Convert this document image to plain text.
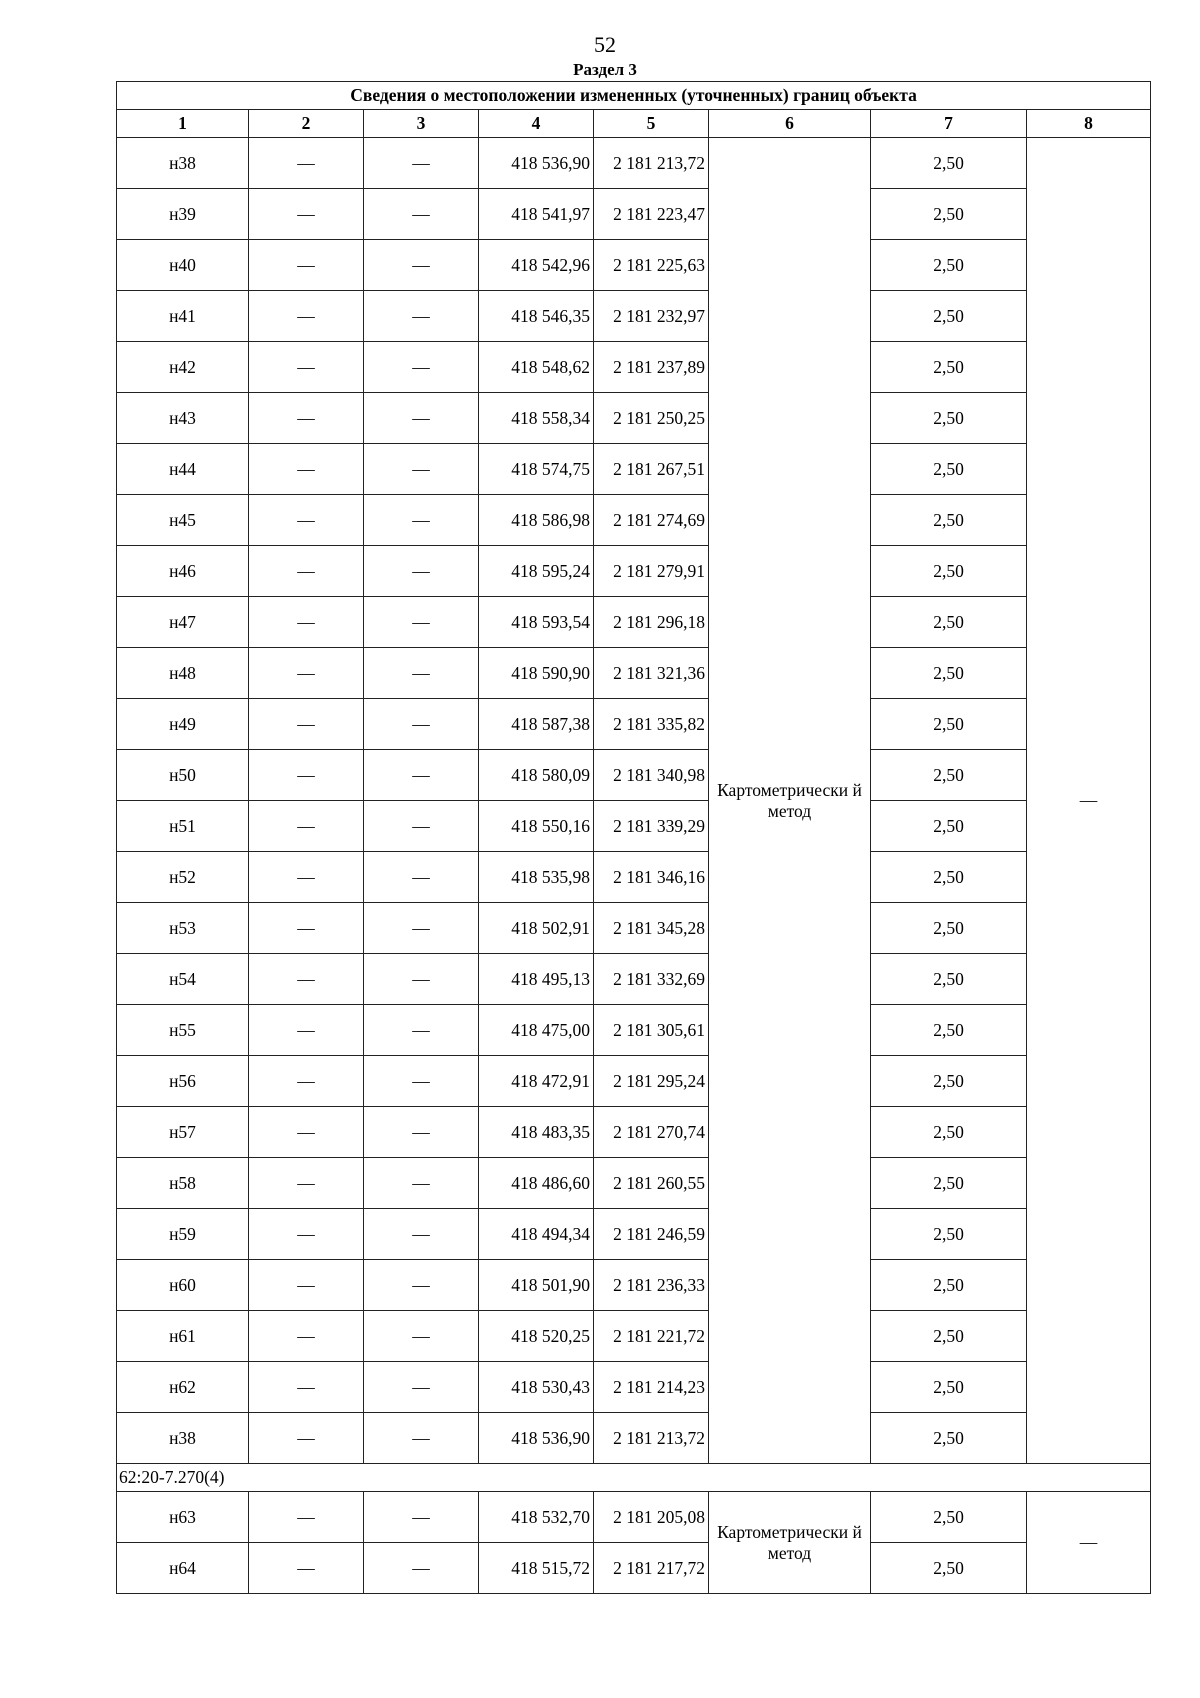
52
Раздел 3
Сведения о местоположении измененных (уточненных) границ объекта							
1	2	3	4	5	6	7	8
н38	—	—	418 536,90	2 181 213,72	Картометрически й метод	2,50	—
н39	—	—	418 541,97	2 181 223,47		2,50	
н40	—	—	418 542,96	2 181 225,63		2,50	
н41	—	—	418 546,35	2 181 232,97		2,50	
н42	—	—	418 548,62	2 181 237,89		2,50	
н43	—	—	418 558,34	2 181 250,25		2,50	
н44	—	—	418 574,75	2 181 267,51		2,50	
н45	—	—	418 586,98	2 181 274,69		2,50	
н46	—	—	418 595,24	2 181 279,91		2,50	
н47	—	—	418 593,54	2 181 296,18		2,50	
н48	—	—	418 590,90	2 181 321,36		2,50	
н49	—	—	418 587,38	2 181 335,82		2,50	
н50	—	—	418 580,09	2 181 340,98		2,50	
н51	—	—	418 550,16	2 181 339,29		2,50	
н52	—	—	418 535,98	2 181 346,16		2,50	
н53	—	—	418 502,91	2 181 345,28		2,50	
н54	—	—	418 495,13	2 181 332,69		2,50	
н55	—	—	418 475,00	2 181 305,61		2,50	
н56	—	—	418 472,91	2 181 295,24		2,50	
н57	—	—	418 483,35	2 181 270,74		2,50	
н58	—	—	418 486,60	2 181 260,55		2,50	
н59	—	—	418 494,34	2 181 246,59		2,50	
н60	—	—	418 501,90	2 181 236,33		2,50	
н61	—	—	418 520,25	2 181 221,72		2,50	
н62	—	—	418 530,43	2 181 214,23		2,50	
н38	—	—	418 536,90	2 181 213,72		2,50	
62:20-7.270(4)							
н63	—	—	418 532,70	2 181 205,08	Картометрически й метод	2,50	—
н64	—	—	418 515,72	2 181 217,72		2,50	
